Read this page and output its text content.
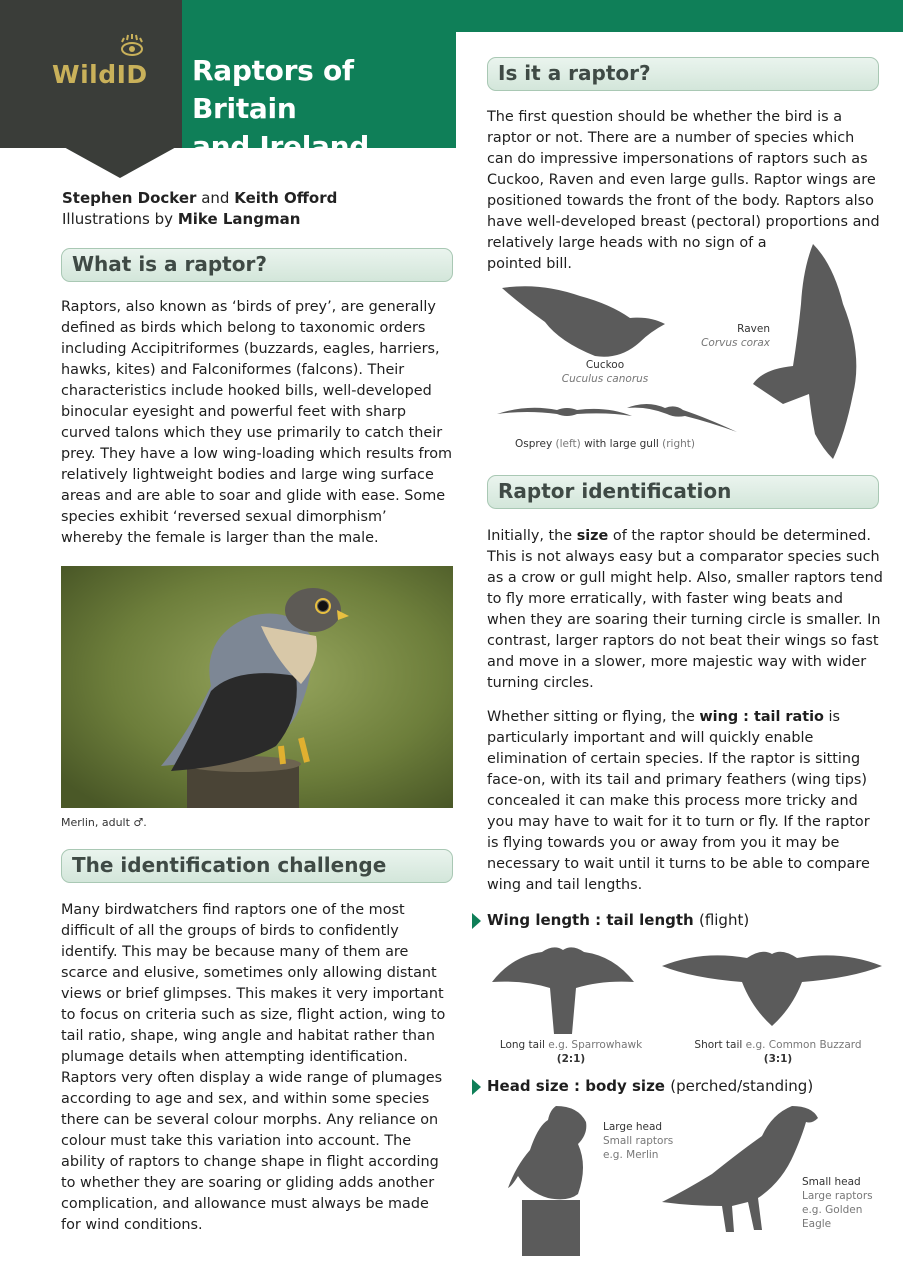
WildID Raptors of Britain
and Ireland
Stephen Docker and Keith Offord
Illustrations by Mike Langman
What is a raptor?

Raptors, also known as ‘birds of prey’, are generally defined as birds which belong to taxonomic orders including Accipitriformes (buzzards, eagles, harriers, hawks, kites) and Falconiformes (falcons). Their characteristics include hooked bills, well-developed binocular eyesight and powerful feet with sharp curved talons which they use primarily to catch their prey. They have a low wing-loading which results from relatively lightweight bodies and large wing surface areas and are able to soar and glide with ease. Some species exhibit ‘reversed sexual dimorphism’ whereby the female is larger than the male.

Merlin, adult ♂.
The identification challenge

Many birdwatchers find raptors one of the most difficult of all the groups of birds to confidently identify. This may be because many of them are scarce and elusive, sometimes only allowing distant views or brief glimpses. This makes it very important to focus on criteria such as size, flight action, wing to tail ratio, shape, wing angle and habitat rather than plumage details when attempting identification. Raptors very often display a wide range of plumages according to age and sex, and within some species there can be several colour morphs. Any reliance on colour must take this variation into account. The ability of raptors to change shape in flight according to whether they are soaring or gliding adds another complication, and allowance must always be made for wind conditions.

Is it a raptor?

The first question should be whether the bird is a raptor or not. There are a number of species which can do impressive impersonations of raptors such as Cuckoo, Raven and even large gulls. Raptor wings are positioned towards the front of the body. Raptors also have well-developed breast (pectoral) proportions and relatively large heads with no sign of a
pointed bill.

Cuckoo
Cuculus canorus
Raven
Corvus corax
Osprey (left) with large gull (right)
Raptor identification

Initially, the size of the raptor should be determined. This is not always easy but a comparator species such as a crow or gull might help. Also, smaller raptors tend to fly more erratically, with faster wing beats and when they are soaring their turning circle is smaller. In contrast, larger raptors do not beat their wings so fast and move in a slower, more majestic way with wider turning circles.

Whether sitting or flying, the wing : tail ratio is particularly important and will quickly enable elimination of certain species. If the raptor is sitting face-on, with its tail and primary feathers (wing tips) concealed it can make this process more tricky and you may have to wait for it to turn or fly. If the raptor is flying towards you or away from you it may be necessary to wait until it turns to be able to compare wing and tail lengths.

Wing length : tail length (flight)
Long tail e.g. Sparrowhawk
(2:1)
Short tail e.g. Common Buzzard
(3:1)
Head size : body size (perched/standing)
Large head
Small raptors
e.g. Merlin
Small head
Large raptors
e.g. Golden
Eagle
